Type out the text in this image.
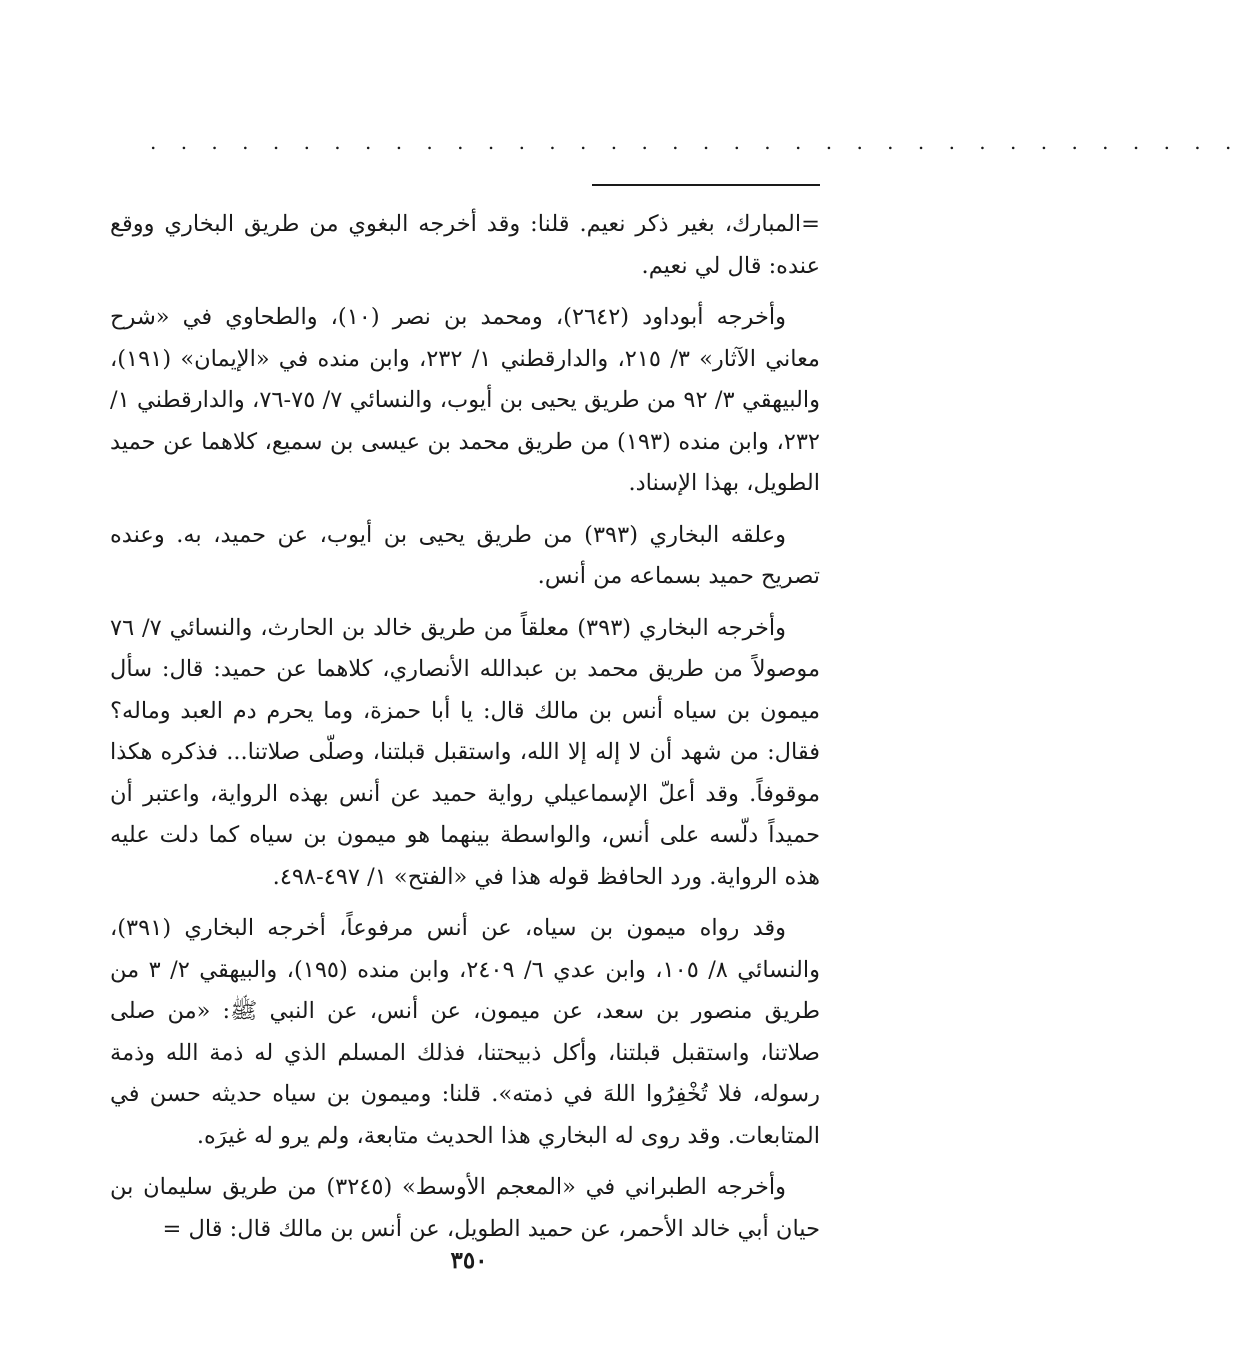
. . . . . . . . . . . . . . . . . . . . . . . . . . . . . . . . . . . .

=المبارك، بغير ذكر نعيم. قلنا: وقد أخرجه البغوي من طريق البخاري ووقع عنده: قال لي نعيم.

وأخرجه أبوداود (٢٦٤٢)، ومحمد بن نصر (١٠)، والطحاوي في «شرح معاني الآثار» ٣/ ٢١٥، والدارقطني ١/ ٢٣٢، وابن منده في «الإيمان» (١٩١)، والبيهقي ٣/ ٩٢ من طريق يحيى بن أيوب، والنسائي ٧/ ٧٥-٧٦، والدارقطني ١/ ٢٣٢، وابن منده (١٩٣) من طريق محمد بن عيسى بن سميع، كلاهما عن حميد الطويل، بهذا الإسناد.

وعلقه البخاري (٣٩٣) من طريق يحيى بن أيوب، عن حميد، به. وعنده تصريح حميد بسماعه من أنس.

وأخرجه البخاري (٣٩٣) معلقاً من طريق خالد بن الحارث، والنسائي ٧/ ٧٦ موصولاً من طريق محمد بن عبدالله الأنصاري، كلاهما عن حميد: قال: سأل ميمون بن سياه أنس بن مالك قال: يا أبا حمزة، وما يحرم دم العبد وماله؟ فقال: من شهد أن لا إله إلا الله، واستقبل قبلتنا، وصلّى صلاتنا... فذكره هكذا موقوفاً. وقد أعلّ الإسماعيلي رواية حميد عن أنس بهذه الرواية، واعتبر أن حميداً دلّسه على أنس، والواسطة بينهما هو ميمون بن سياه كما دلت عليه هذه الرواية. ورد الحافظ قوله هذا في «الفتح» ١/ ٤٩٧-٤٩٨.

وقد رواه ميمون بن سياه، عن أنس مرفوعاً، أخرجه البخاري (٣٩١)، والنسائي ٨/ ١٠٥، وابن عدي ٦/ ٢٤٠٩، وابن منده (١٩٥)، والبيهقي ٢/ ٣ من طريق منصور بن سعد، عن ميمون، عن أنس، عن النبي ﷺ: «من صلى صلاتنا، واستقبل قبلتنا، وأكل ذبيحتنا، فذلك المسلم الذي له ذمة الله وذمة رسوله، فلا تُخْفِرُوا اللهَ في ذمته». قلنا: وميمون بن سياه حديثه حسن في المتابعات. وقد روى له البخاري هذا الحديث متابعة، ولم يرو له غيرَه.

وأخرجه الطبراني في «المعجم الأوسط» (٣٢٤٥) من طريق سليمان بن حيان أبي خالد الأحمر، عن حميد الطويل، عن أنس بن مالك قال: قال =

٣٥٠
